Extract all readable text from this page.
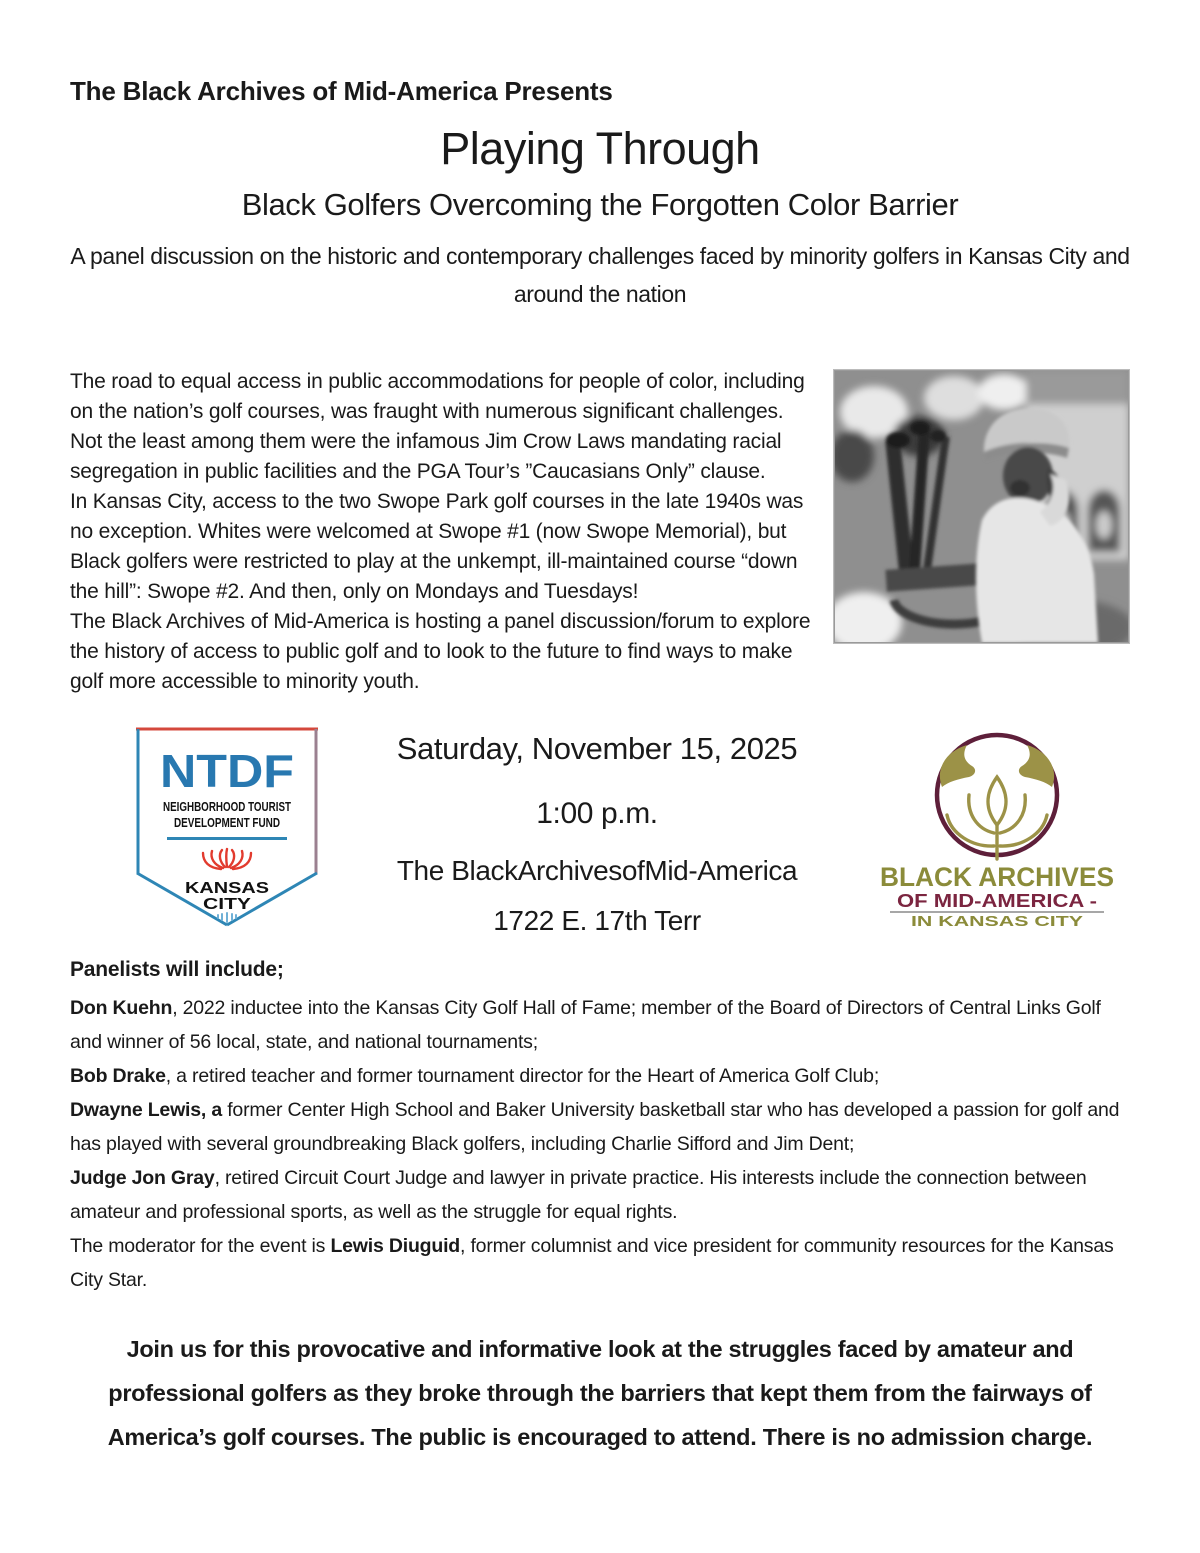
The Black Archives of Mid-America Presents
Playing Through
Black Golfers Overcoming the Forgotten Color Barrier

A panel discussion on the historic and contemporary challenges faced by minority golfers in Kansas City and around the nation

The road to equal access in public accommodations for people of color, including on the nation’s golf courses, was fraught with numerous significant challenges. Not the least among them were the infamous Jim Crow Laws mandating racial segregation in public facilities and the PGA Tour’s ”Caucasians Only” clause.

In Kansas City, access to the two Swope Park golf courses in the late 1940s was no exception. Whites were welcomed at Swope #1 (now Swope Memorial), but Black golfers were restricted to play at the unkempt, ill-maintained course “down the hill”: Swope #2. And then, only on Mondays and Tuesdays!

The Black Archives of Mid-America is hosting a panel discussion/forum to explore the history of access to public golf and to look to the future to find ways to make golf more accessible to minority youth.

NTDF
NEIGHBORHOOD TOURIST
DEVELOPMENT FUND
KANSAS
CITY

Saturday, November 15, 2025

1:00 p.m.

The BlackArchivesofMid-America

1722 E. 17th Terr

BLACK ARCHIVES
OF MID-AMERICA -
IN KANSAS CITY

Panelists will include;

Don Kuehn, 2022 inductee into the Kansas City Golf Hall of Fame; member of the Board of Directors of Central Links Golf and winner of 56 local, state, and national tournaments;
Bob Drake, a retired teacher and former tournament director for the Heart of America Golf Club;
Dwayne Lewis, a former Center High School and Baker University basketball star who has developed a passion for golf and has played with several groundbreaking Black golfers, including Charlie Sifford and Jim Dent;
Judge Jon Gray, retired Circuit Court Judge and lawyer in private practice. His interests include the connection between amateur and professional sports, as well as the struggle for equal rights.
The moderator for the event is Lewis Diuguid, former columnist and vice president for community resources for the Kansas City Star.

Join us for this provocative and informative look at the struggles faced by amateur and professional golfers as they broke through the barriers that kept them from the fairways of America’s golf courses. The public is encouraged to attend. There is no admission charge.
